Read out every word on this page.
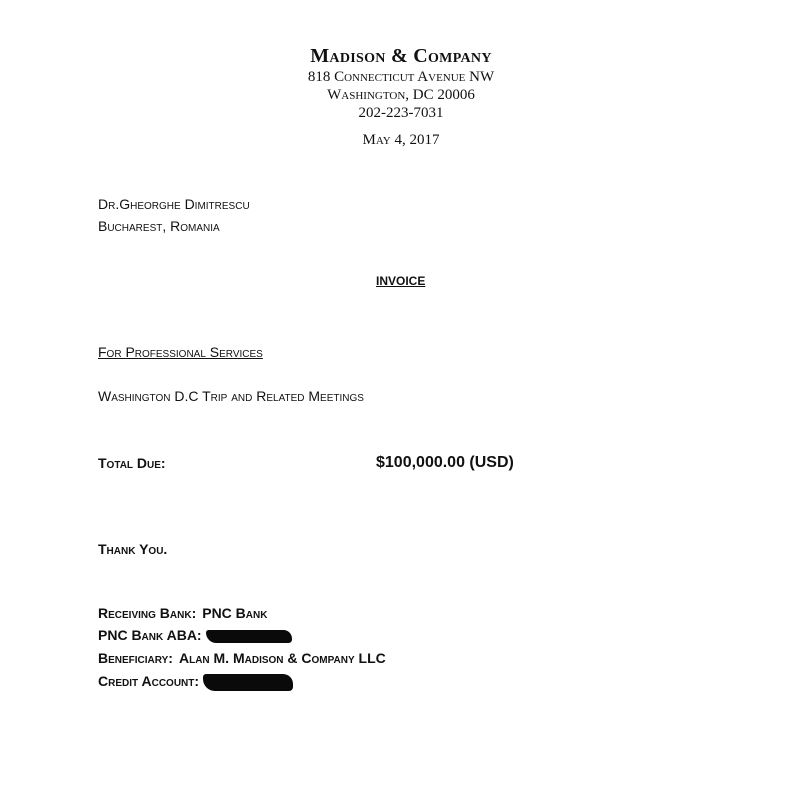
Madison & Company
818 Connecticut Avenue NW
Washington, DC 20006
202-223-7031
May 4, 2017
Dr.Gheorghe Dimitrescu
Bucharest, Romania
INVOICE
For Professional Services
Washington D.C Trip and Related Meetings
Total Due:	$100,000.00 (USD)
Thank You.
Receiving Bank: PNC Bank
PNC Bank ABA:
Beneficiary: Alan M. Madison & Company LLC
Credit Account:
